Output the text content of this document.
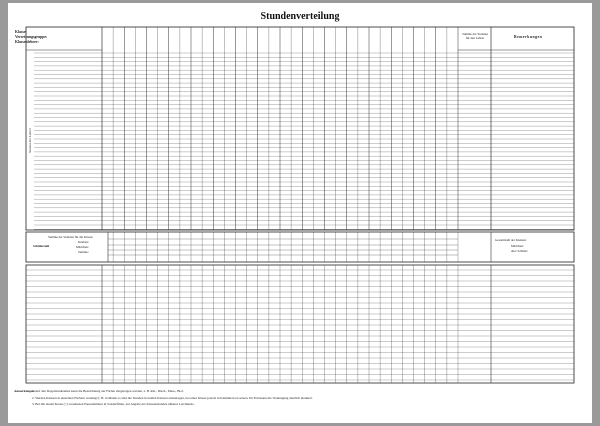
Stundenverteilung
Klasse:
Versetzungsgruppe:
Klassenlehrer:
Namen der Lehrer
Summe der Stunden für den Lehrer	Bemerkungen
Summe der Stunden für die Klasse:
Schülerzahl
Knaben:
Mädchen:
Summe:
Gesamtzahl der Knaben:
Mädchen:
aller Schüler:
Anmerkungen:
1. Auf den Doppelrunkzeilen kann die Bezeichnung der Fächer eingetragen werden, z. B. Rel., Dtsch., Mess., Biol.
2. Werden Klassen in einzelnen Fächern vereinigt (: B. in Musik so sind die Stunden in beiden Klassen einzutragen, bei einer Klasse jedoch in Klammern zu setzen. Im Feld kann die Vereinigung deutlich markiert.
3. Bei mit einem Kreuz (×) versehenen Pausenfeldern in Sonderfällen, zur Angabe der Klassenstunden näheres Lerchulens.
